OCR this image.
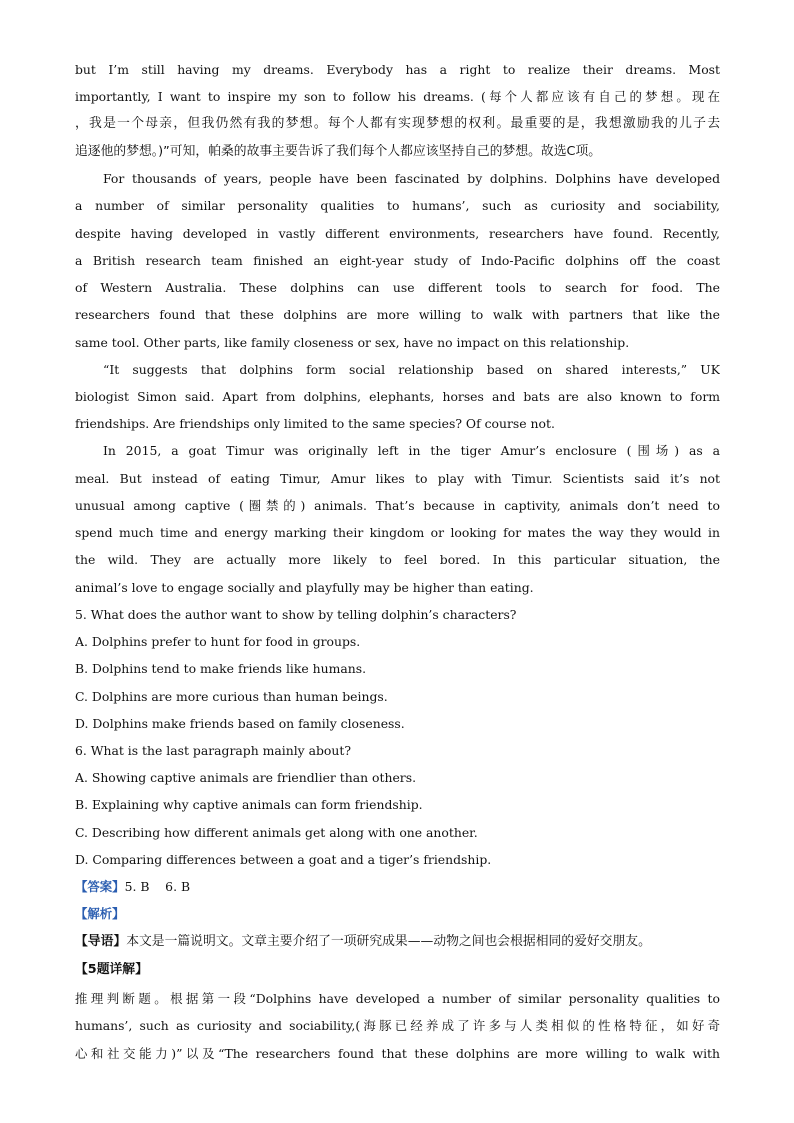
but I’m still having my dreams. Everybody has a right to realize their dreams. Most
importantly, I want to inspire my son to follow his dreams. (每个人都应该有自己的梦想。现在
，我是一个母亲，但我仍然有我的梦想。每个人都有实现梦想的权利。最重要的是，我想激励我的儿子去
追逐他的梦想。)”可知，帕桑的故事主要告诉了我们每个人都应该坚持自己的梦想。故选C项。
For thousands of years, people have been fascinated by dolphins. Dolphins have developed
a number of similar personality qualities to humans’, such as curiosity and sociability,
despite having developed in vastly different environments, researchers have found. Recently,
a British research team finished an eight-year study of Indo-Pacific dolphins off the coast
of Western Australia. These dolphins can use different tools to search for food. The
researchers found that these dolphins are more willing to walk with partners that like the
same tool. Other parts, like family closeness or sex, have no impact on this relationship.
“It suggests that dolphins form social relationship based on shared interests,” UK
biologist Simon said. Apart from dolphins, elephants, horses and bats are also known to form
friendships. Are friendships only limited to the same species? Of course not.
In 2015, a goat Timur was originally left in the tiger Amur’s enclosure (围场) as a
meal. But instead of eating Timur, Amur likes to play with Timur. Scientists said it’s not
unusual among captive (圈禁的) animals. That’s because in captivity, animals don’t need to
spend much time and energy marking their kingdom or looking for mates the way they would in
the wild. They are actually more likely to feel bored. In this particular situation, the
animal’s love to engage socially and playfully may be higher than eating.
5. What does the author want to show by telling dolphin’s characters?
A. Dolphins prefer to hunt for food in groups.
B. Dolphins tend to make friends like humans.
C. Dolphins are more curious than human beings.
D. Dolphins make friends based on family closeness.
6. What is the last paragraph mainly about?
A. Showing captive animals are friendlier than others.
B. Explaining why captive animals can form friendship.
C. Describing how different animals get along with one another.
D. Comparing differences between a goat and a tiger’s friendship.
【答案】5. B    6. B
【解析】
【导语】本文是一篇说明文。文章主要介绍了一项研究成果——动物之间也会根据相同的爱好交朋友。
【5题详解】
推理判断题。根据第一段“Dolphins have developed a number of similar personality qualities to
humans’, such as curiosity and sociability,(海豚已经养成了许多与人类相似的性格特征，如好奇
心和社交能力)”以及“The researchers found that these dolphins are more willing to walk with
